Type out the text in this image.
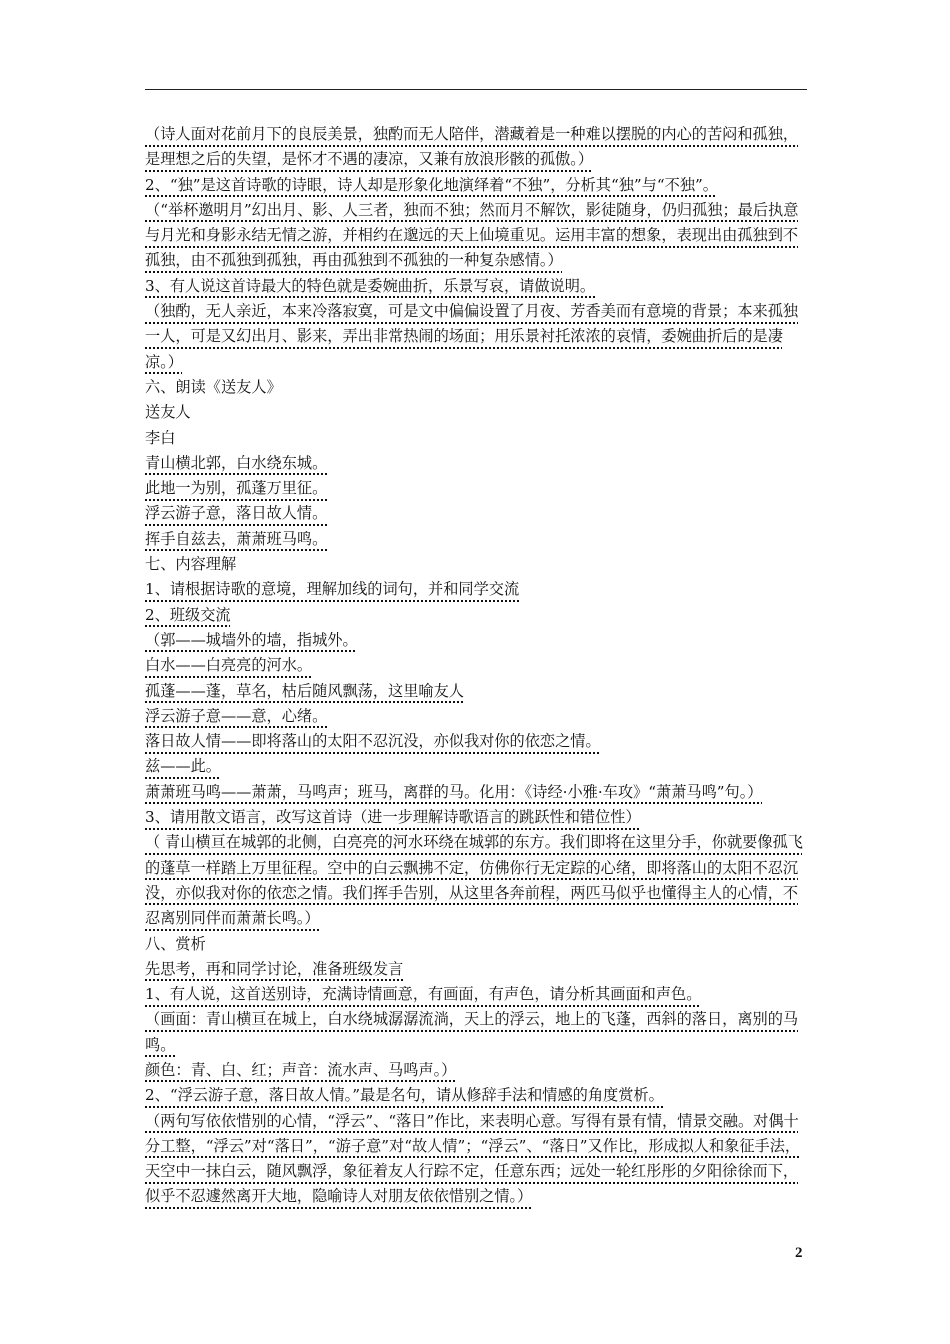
（诗人面对花前月下的良辰美景，独酌而无人陪伴，潜藏着是一种难以摆脱的内心的苦闷和孤独，是理想之后的失望，是怀才不遇的凄凉，又兼有放浪形骸的孤傲。）

2、“独”是这首诗歌的诗眼，诗人却是形象化地演绎着“不独”，分析其“独”与“不独”。

（“举杯邀明月”幻出月、影、人三者，独而不独；然而月不解饮，影徒随身，仍归孤独；最后执意与月光和身影永结无情之游，并相约在邈远的天上仙境重见。运用丰富的想象，表现出由孤独到不孤独，由不孤独到孤独，再由孤独到不孤独的一种复杂感情。）

3、有人说这首诗最大的特色就是委婉曲折，乐景写哀，请做说明。

（独酌，无人亲近，本来冷落寂寞，可是文中偏偏设置了月夜、芳香美而有意境的背景；本来孤独一人，可是又幻出月、影来，弄出非常热闹的场面；用乐景衬托浓浓的哀情，委婉曲折后的是凄凉。）

六、朗读《送友人》

送友人

李白

青山横北郭，白水绕东城。

此地一为别，孤蓬万里征。

浮云游子意，落日故人情。

挥手自兹去，萧萧班马鸣。

七、内容理解

1、请根据诗歌的意境，理解加线的词句，并和同学交流

2、班级交流

（郭——城墙外的墙，指城外。

白水——白亮亮的河水。

孤蓬——蓬，草名，枯后随风飘荡，这里喻友人

浮云游子意——意，心绪。

落日故人情——即将落山的太阳不忍沉没，亦似我对你的依恋之情。

兹——此。

萧萧班马鸣——萧萧，马鸣声；班马，离群的马。化用：《诗经·小雅·车攻》“萧萧马鸣”句。）

3、请用散文语言，改写这首诗（进一步理解诗歌语言的跳跃性和错位性）

（ 青山横亘在城郭的北侧，白亮亮的河水环绕在城郭的东方。我们即将在这里分手，你就要像孤飞的蓬草一样踏上万里征程。空中的白云飘拂不定，仿佛你行无定踪的心绪，即将落山的太阳不忍沉没，亦似我对你的依恋之情。我们挥手告别，从这里各奔前程，两匹马似乎也懂得主人的心情，不忍离别同伴而萧萧长鸣。）

八、赏析

先思考，再和同学讨论，准备班级发言

1、有人说，这首送别诗，充满诗情画意，有画面，有声色，请分析其画面和声色。

（画面：青山横亘在城上，白水绕城潺潺流淌，天上的浮云，地上的飞蓬，西斜的落日，离别的马鸣。

颜色：青、白、红；声音：流水声、马鸣声。）

2、“浮云游子意，落日故人情。”最是名句，请从修辞手法和情感的角度赏析。

（两句写依依惜别的心情，“浮云”、“落日”作比，来表明心意。写得有景有情，情景交融。对偶十分工整，“浮云”对“落日”，“游子意”对“故人情”；“浮云”、“落日”又作比，形成拟人和象征手法，天空中一抹白云，随风飘浮，象征着友人行踪不定，任意东西；远处一轮红彤彤的夕阳徐徐而下，似乎不忍遽然离开大地，隐喻诗人对朋友依依惜别之情。）

2
